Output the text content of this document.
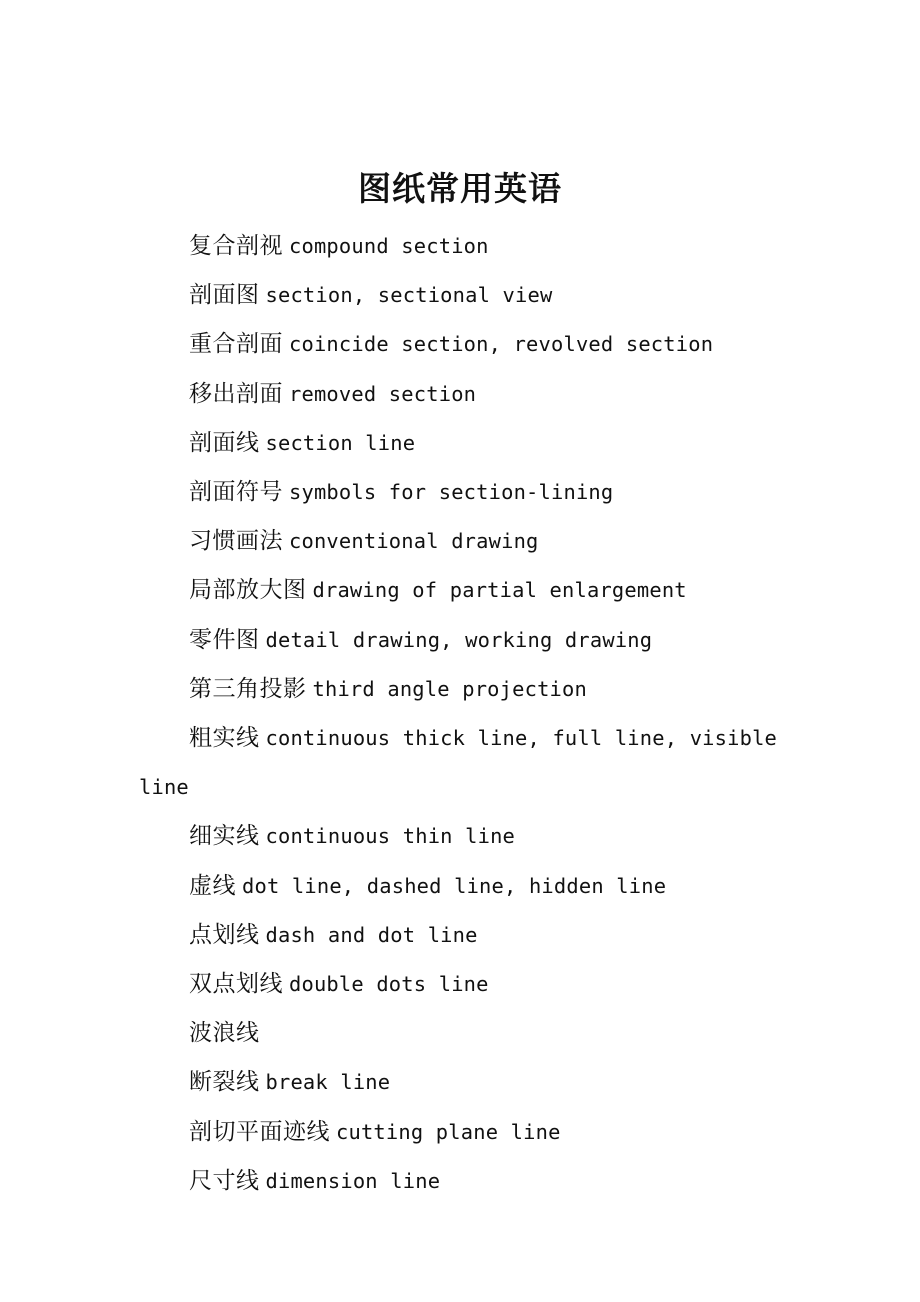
图纸常用英语
复合剖视 compound section
剖面图 section, sectional view
重合剖面 coincide section, revolved section
移出剖面 removed section
剖面线 section line
剖面符号 symbols for section-lining
习惯画法 conventional drawing
局部放大图 drawing of partial enlargement
零件图 detail drawing, working drawing
第三角投影 third angle projection
粗实线 continuous thick line, full line, visible line
细实线 continuous thin line
虚线 dot line, dashed line, hidden line
点划线 dash and dot line
双点划线 double dots line
波浪线
断裂线 break line
剖切平面迹线 cutting plane line
尺寸线 dimension line
